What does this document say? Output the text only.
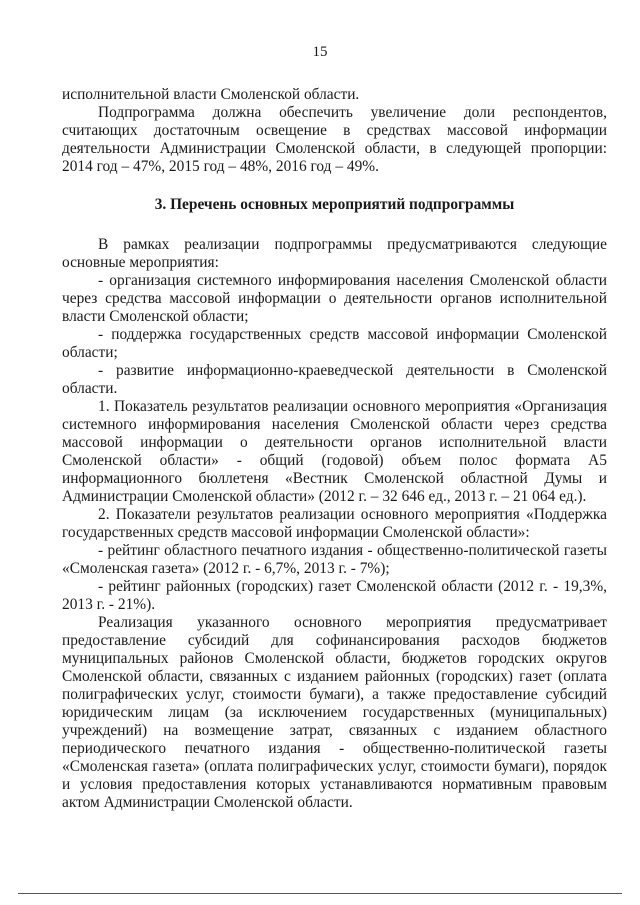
15

исполнительной власти Смоленской области.

Подпрограмма должна обеспечить увеличение доли респондентов, считающих достаточным освещение в средствах массовой информации деятельности Администрации Смоленской области, в следующей пропорции: 2014 год – 47%, 2015 год – 48%, 2016 год – 49%.

3. Перечень основных мероприятий подпрограммы

В рамках реализации подпрограммы предусматриваются следующие основные мероприятия:

- организация системного информирования населения Смоленской области через средства массовой информации о деятельности органов исполнительной власти Смоленской области;

- поддержка государственных средств массовой информации Смоленской области;

- развитие информационно-краеведческой деятельности в Смоленской области.

1. Показатель результатов реализации основного мероприятия «Организация системного информирования населения Смоленской области через средства массовой информации о деятельности органов исполнительной власти Смоленской области» - общий (годовой) объем полос формата А5 информационного бюллетеня «Вестник Смоленской областной Думы и Администрации Смоленской области» (2012 г. – 32 646 ед., 2013 г. – 21 064 ед.).

2. Показатели результатов реализации основного мероприятия «Поддержка государственных средств массовой информации Смоленской области»:

- рейтинг областного печатного издания - общественно-политической газеты «Смоленская газета» (2012 г. - 6,7%, 2013 г. - 7%);

- рейтинг районных (городских) газет Смоленской области (2012 г. - 19,3%, 2013 г. - 21%).

Реализация указанного основного мероприятия предусматривает предоставление субсидий для софинансирования расходов бюджетов муниципальных районов Смоленской области, бюджетов городских округов Смоленской области, связанных с изданием районных (городских) газет (оплата полиграфических услуг, стоимости бумаги), а также предоставление субсидий юридическим лицам (за исключением государственных (муниципальных) учреждений) на возмещение затрат, связанных с изданием областного периодического печатного издания - общественно-политической газеты «Смоленская газета» (оплата полиграфических услуг, стоимости бумаги), порядок и условия предоставления которых устанавливаются нормативным правовым актом Администрации Смоленской области.
